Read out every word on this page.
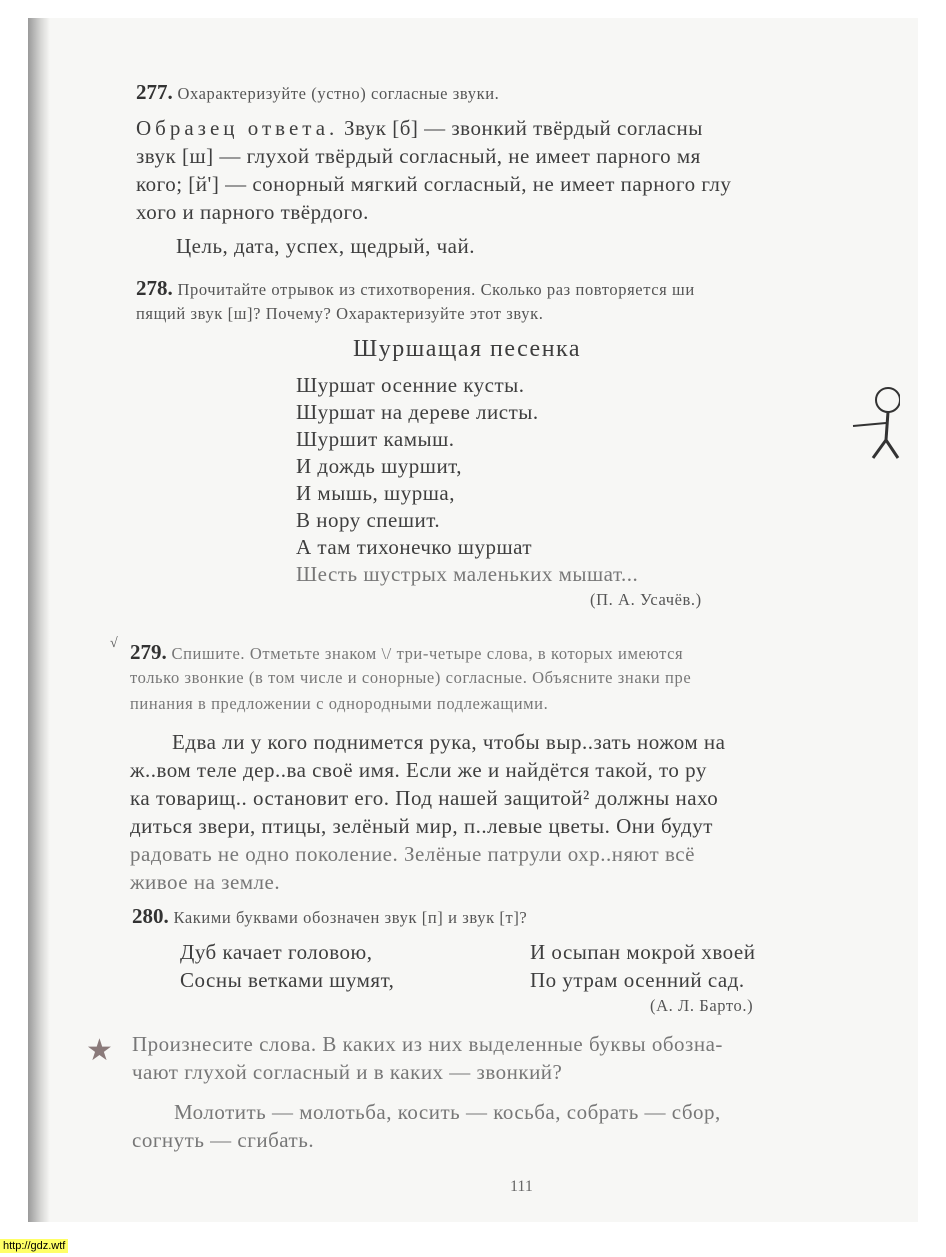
277. Охарактеризуйте (устно) согласные звуки.
Образец ответа. Звук [б] — звонкий твёрдый согласны
звук [ш] — глухой твёрдый согласный, не имеет парного мя
кого; [й'] — сонорный мягкий согласный, не имеет парного глу
хого и парного твёрдого.
Цель, дата, успех, щедрый, чай.
278. Прочитайте отрывок из стихотворения. Сколько раз повторяется ши
пящий звук [ш]? Почему? Охарактеризуйте этот звук.
Шуршащая песенка
Шуршат осенние кусты.
Шуршат на дереве листы.
Шуршит камыш.
И дождь шуршит,
И мышь, шурша,
В нору спешит.
А там тихонечко шуршат
Шесть шустрых маленьких мышат...
(П. А. Усачёв.)
√ 279. Спишите. Отметьте знаком \/ три-четыре слова, в которых имеются
только звонкие (в том числе и сонорные) согласные. Объясните знаки пре
пинания в предложении с однородными подлежащими.
Едва ли у кого поднимется рука, чтобы выр..зать ножом на
ж..вом теле дер..ва своё имя. Если же и найдётся такой, то ру
ка товарищ.. остановит его. Под нашей защитой² должны нахо
диться звери, птицы, зелёный мир, п..левые цветы. Они будут
радовать не одно поколение. Зелёные патрули охр..няют всё
живое на земле.
280. Какими буквами обозначен звук [п] и звук [т]?
Дуб качает головою,
Сосны ветками шумят,
И осыпан мокрой хвоей
По утрам осенний сад.
(А. Л. Барто.)
★ Произнесите слова. В каких из них выделенные буквы обозна-
чают глухой согласный и в каких — звонкий?
Молотить — молотьба, косить — косьба, собрать — сбор,
согнуть — сгибать.
111
http://gdz.wtf
